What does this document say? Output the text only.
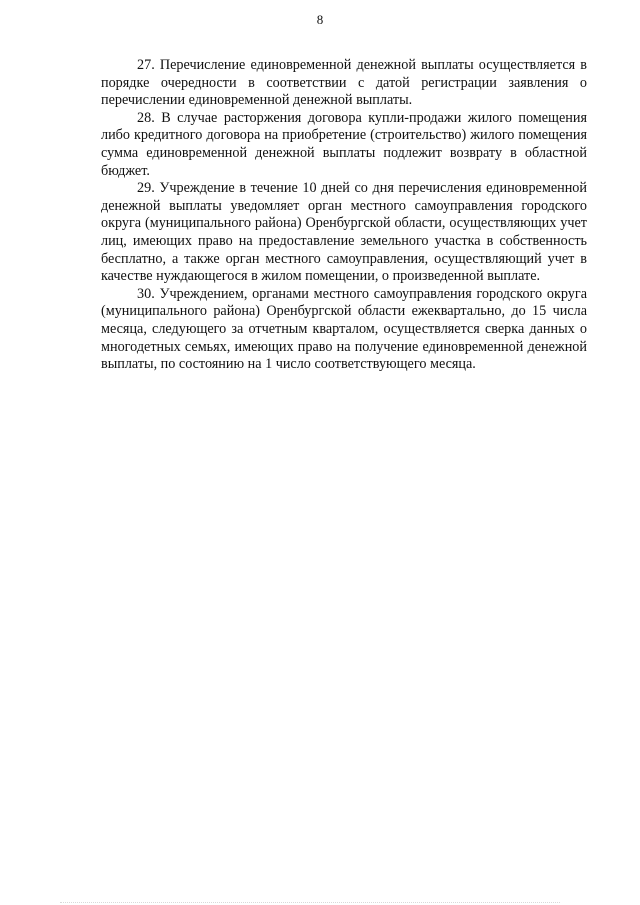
8

27. Перечисление единовременной денежной выплаты осуществляется в порядке очередности в соответствии с датой регистрации заявления о перечислении единовременной денежной выплаты.

28. В случае расторжения договора купли-продажи жилого помещения либо кредитного договора на приобретение (строительство) жилого помещения сумма единовременной денежной выплаты подлежит возврату в областной бюджет.

29. Учреждение в течение 10 дней со дня перечисления единовременной денежной выплаты уведомляет орган местного самоуправления городского округа (муниципального района) Оренбургской области, осуществляющих учет лиц, имеющих право на предоставление земельного участка в собственность бесплатно, а также орган местного самоуправления, осуществляющий учет в качестве нуждающегося в жилом помещении, о произведенной выплате.

30. Учреждением, органами местного самоуправления городского округа (муниципального района) Оренбургской области ежеквартально, до 15 числа месяца, следующего за отчетным кварталом, осуществляется сверка данных о многодетных семьях, имеющих право на получение единовременной денежной выплаты, по состоянию на 1 число соответствующего месяца.
